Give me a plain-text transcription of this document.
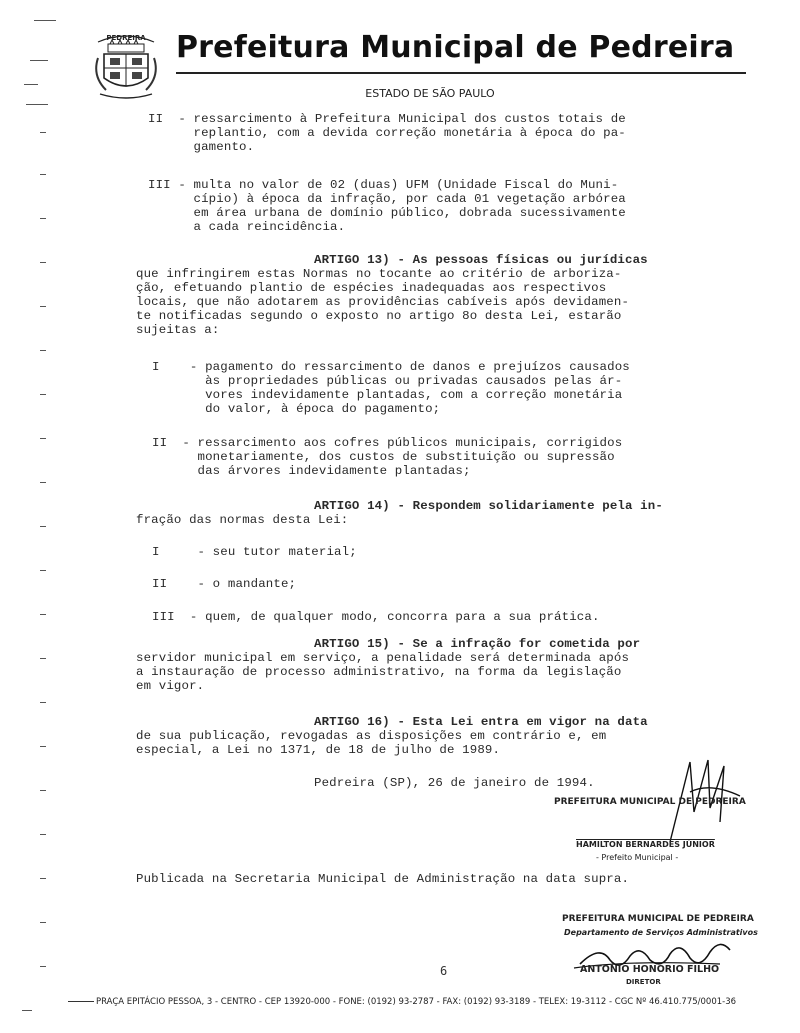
PEDREIRA Prefeitura Municipal de Pedreira
ESTADO DE SÃO PAULO
II  - ressarcimento à Prefeitura Municipal dos custos totais de
replantio, com a devida correção monetária à época do pa-
gamento.
III - multa no valor de 02 (duas) UFM (Unidade Fiscal do Muni-
cípio) à época da infração, por cada 01 vegetação arbórea
em área urbana de domínio público, dobrada sucessivamente
a cada reincidência.
ARTIGO 13) - As pessoas físicas ou jurídicas
que infringirem estas Normas no tocante ao critério de arboriza-
ção, efetuando plantio de espécies inadequadas aos respectivos
locais, que não adotarem as providências cabíveis após devidamen-
te notificadas segundo o exposto no artigo 8o desta Lei, estarão
sujeitas a:
I    - pagamento do ressarcimento de danos e prejuízos causados
às propriedades públicas ou privadas causados pelas ár-
vores indevidamente plantadas, com a correção monetária
do valor, à época do pagamento;
II  - ressarcimento aos cofres públicos municipais, corrigidos
monetariamente, dos custos de substituição ou supressão
das árvores indevidamente plantadas;
ARTIGO 14) - Respondem solidariamente pela in-
fração das normas desta Lei:
I     - seu tutor material;
II    - o mandante;
III  - quem, de qualquer modo, concorra para a sua prática.
ARTIGO 15) - Se a infração for cometida por
servidor municipal em serviço, a penalidade será determinada após
a instauração de processo administrativo, na forma da legislação
em vigor.
ARTIGO 16) - Esta Lei entra em vigor na data
de sua publicação, revogadas as disposições em contrário e, em
especial, a Lei no 1371, de 18 de julho de 1989.
Pedreira (SP), 26 de janeiro de 1994.
PREFEITURA MUNICIPAL DE PEDREIRA
HAMILTON BERNARDES JÚNIOR
- Prefeito Municipal -
Publicada na Secretaria Municipal de Administração na data supra.
PREFEITURA MUNICIPAL DE PEDREIRA
Departamento de Serviços Administrativos
ANTONIO HONORIO FILHO
DIRETOR
6
PRAÇA EPITÁCIO PESSOA, 3 - CENTRO - CEP 13920-000 - FONE: (0192) 93-2787 - FAX: (0192) 93-3189 - TELEX: 19-3112 - CGC Nº 46.410.775/0001-36
